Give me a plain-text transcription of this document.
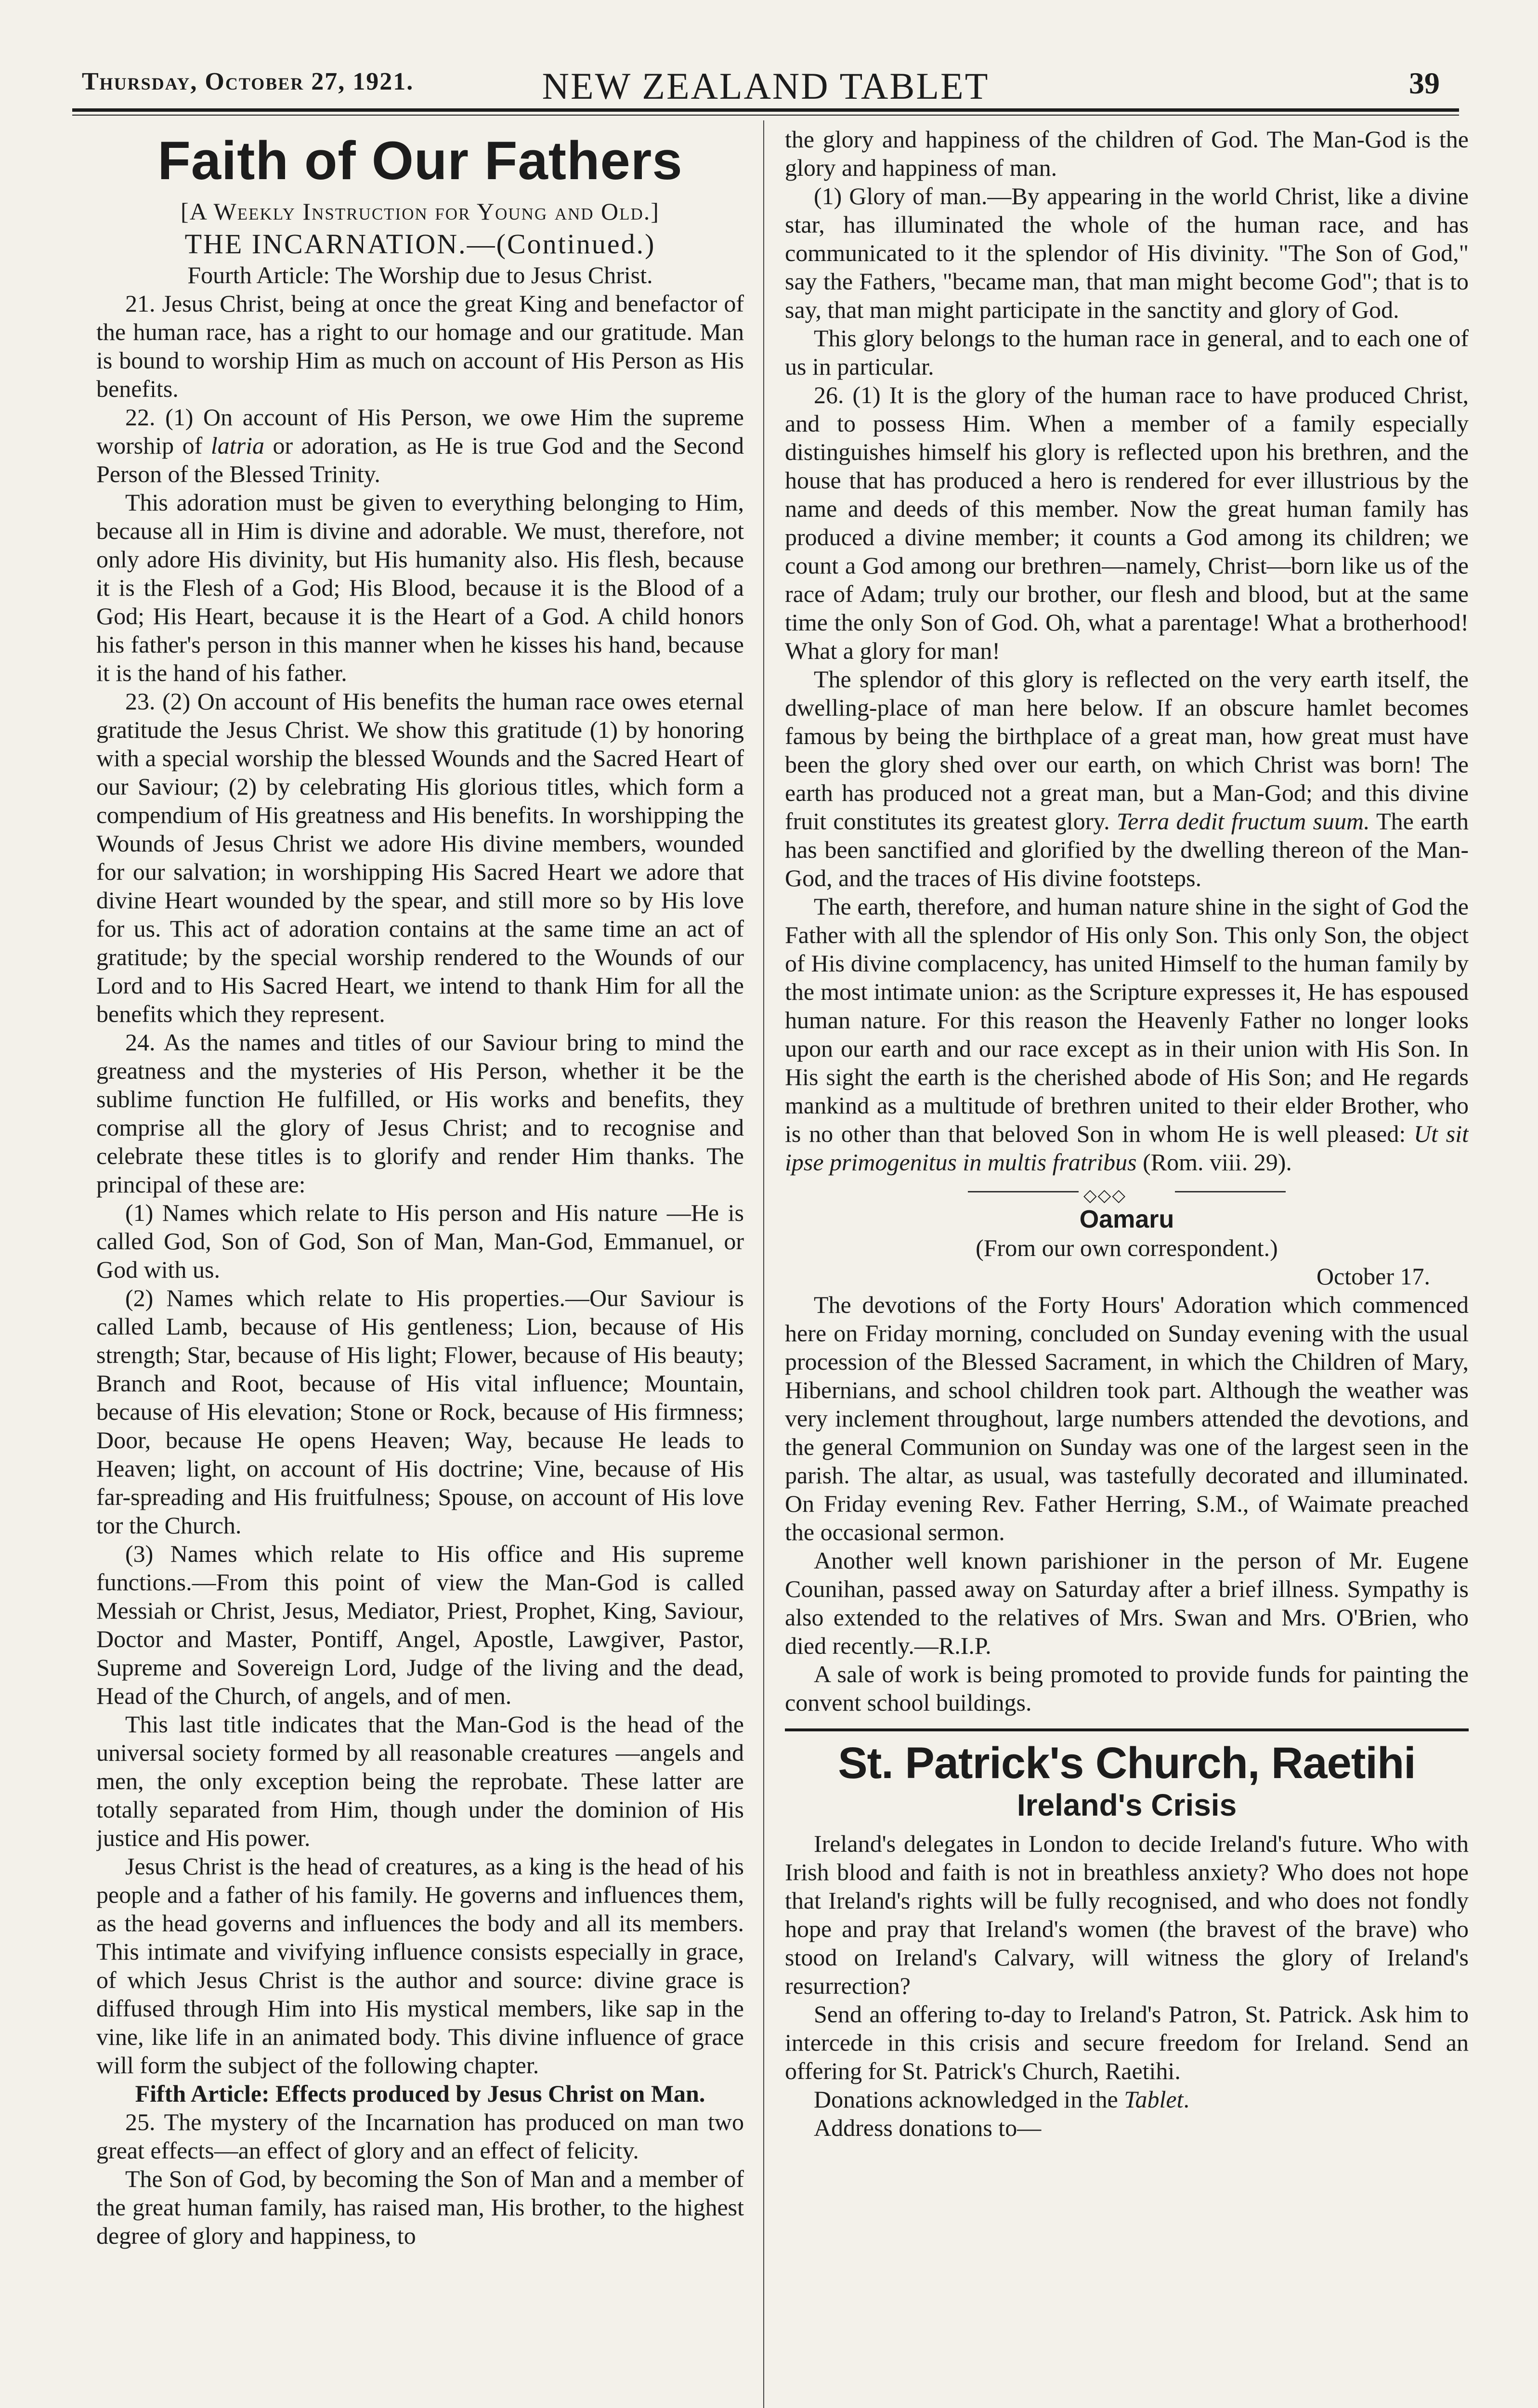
Thursday, October 27, 1921.	NEW ZEALAND TABLET	39
Faith of Our Fathers
[A Weekly Instruction for Young and Old.]
THE INCARNATION.—(Continued.)

Fourth Article: The Worship due to Jesus Christ.

21. Jesus Christ, being at once the great King and benefactor of the human race, has a right to our homage and our gratitude. Man is bound to worship Him as much on account of His Person as His benefits.

22. (1) On account of His Person, we owe Him the supreme worship of latria or adoration, as He is true God and the Second Person of the Blessed Trinity.

This adoration must be given to everything belonging to Him, because all in Him is divine and adorable. We must, therefore, not only adore His divinity, but His humanity also. His flesh, because it is the Flesh of a God; His Blood, because it is the Blood of a God; His Heart, because it is the Heart of a God. A child honors his father's person in this manner when he kisses his hand, because it is the hand of his father.

23. (2) On account of His benefits the human race owes eternal gratitude the Jesus Christ. We show this gratitude (1) by honoring with a special worship the blessed Wounds and the Sacred Heart of our Saviour; (2) by celebrating His glorious titles, which form a compendium of His greatness and His benefits. In worshipping the Wounds of Jesus Christ we adore His divine members, wounded for our salvation; in worshipping His Sacred Heart we adore that divine Heart wounded by the spear, and still more so by His love for us. This act of adoration contains at the same time an act of gratitude; by the special worship rendered to the Wounds of our Lord and to His Sacred Heart, we intend to thank Him for all the benefits which they represent.

24. As the names and titles of our Saviour bring to mind the greatness and the mysteries of His Person, whether it be the sublime function He fulfilled, or His works and benefits, they comprise all the glory of Jesus Christ; and to recognise and celebrate these titles is to glorify and render Him thanks. The principal of these are:

(1) Names which relate to His person and His nature —He is called God, Son of God, Son of Man, Man-God, Emmanuel, or God with us.

(2) Names which relate to His properties.—Our Saviour is called Lamb, because of His gentleness; Lion, because of His strength; Star, because of His light; Flower, because of His beauty; Branch and Root, because of His vital influence; Mountain, because of His elevation; Stone or Rock, because of His firmness; Door, because He opens Heaven; Way, because He leads to Heaven; light, on account of His doctrine; Vine, because of His far-spreading and His fruitfulness; Spouse, on account of His love tor the Church.

(3) Names which relate to His office and His supreme functions.—From this point of view the Man-God is called Messiah or Christ, Jesus, Mediator, Priest, Prophet, King, Saviour, Doctor and Master, Pontiff, Angel, Apostle, Lawgiver, Pastor, Supreme and Sovereign Lord, Judge of the living and the dead, Head of the Church, of angels, and of men.

This last title indicates that the Man-God is the head of the universal society formed by all reasonable creatures —angels and men, the only exception being the reprobate. These latter are totally separated from Him, though under the dominion of His justice and His power.

Jesus Christ is the head of creatures, as a king is the head of his people and a father of his family. He governs and influences them, as the head governs and influences the body and all its members. This intimate and vivifying influence consists especially in grace, of which Jesus Christ is the author and source: divine grace is diffused through Him into His mystical members, like sap in the vine, like life in an animated body. This divine influence of grace will form the subject of the following chapter.

Fifth Article: Effects produced by Jesus Christ on Man.

25. The mystery of the Incarnation has produced on man two great effects—an effect of glory and an effect of felicity.

The Son of God, by becoming the Son of Man and a member of the great human family, has raised man, His brother, to the highest degree of glory and happiness, to

the glory and happiness of the children of God. The Man-God is the glory and happiness of man.

(1) Glory of man.—By appearing in the world Christ, like a divine star, has illuminated the whole of the human race, and has communicated to it the splendor of His divinity. "The Son of God," say the Fathers, "became man, that man might become God"; that is to say, that man might participate in the sanctity and glory of God.

This glory belongs to the human race in general, and to each one of us in particular.

26. (1) It is the glory of the human race to have produced Christ, and to possess Him. When a member of a family especially distinguishes himself his glory is reflected upon his brethren, and the house that has produced a hero is rendered for ever illustrious by the name and deeds of this member. Now the great human family has produced a divine member; it counts a God among its children; we count a God among our brethren—namely, Christ—born like us of the race of Adam; truly our brother, our flesh and blood, but at the same time the only Son of God. Oh, what a parentage! What a brotherhood! What a glory for man!

The splendor of this glory is reflected on the very earth itself, the dwelling-place of man here below. If an obscure hamlet becomes famous by being the birthplace of a great man, how great must have been the glory shed over our earth, on which Christ was born! The earth has produced not a great man, but a Man-God; and this divine fruit constitutes its greatest glory. Terra dedit fructum suum. The earth has been sanctified and glorified by the dwelling thereon of the Man-God, and the traces of His divine footsteps.

The earth, therefore, and human nature shine in the sight of God the Father with all the splendor of His only Son. This only Son, the object of His divine complacency, has united Himself to the human family by the most intimate union: as the Scripture expresses it, He has espoused human nature. For this reason the Heavenly Father no longer looks upon our earth and our race except as in their union with His Son. In His sight the earth is the cherished abode of His Son; and He regards mankind as a multitude of brethren united to their elder Brother, who is no other than that beloved Son in whom He is well pleased: Ut sit ipse primogenitus in multis fratribus (Rom. viii. 29).

◇◇◇
Oamaru

(From our own correspondent.)

October 17.

The devotions of the Forty Hours' Adoration which commenced here on Friday morning, concluded on Sunday evening with the usual procession of the Blessed Sacrament, in which the Children of Mary, Hibernians, and school children took part. Although the weather was very inclement throughout, large numbers attended the devotions, and the general Communion on Sunday was one of the largest seen in the parish. The altar, as usual, was tastefully decorated and illuminated. On Friday evening Rev. Father Herring, S.M., of Waimate preached the occasional sermon.

Another well known parishioner in the person of Mr. Eugene Counihan, passed away on Saturday after a brief illness. Sympathy is also extended to the relatives of Mrs. Swan and Mrs. O'Brien, who died recently.—R.I.P.

A sale of work is being promoted to provide funds for painting the convent school buildings.

St. Patrick's Church, Raetihi
Ireland's Crisis

Ireland's delegates in London to decide Ireland's future. Who with Irish blood and faith is not in breathless anxiety? Who does not hope that Ireland's rights will be fully recognised, and who does not fondly hope and pray that Ireland's women (the bravest of the brave) who stood on Ireland's Calvary, will witness the glory of Ireland's resurrection?

Send an offering to-day to Ireland's Patron, St. Patrick. Ask him to intercede in this crisis and secure freedom for Ireland. Send an offering for St. Patrick's Church, Raetihi.

Donations acknowledged in the Tablet.

Address donations to—
